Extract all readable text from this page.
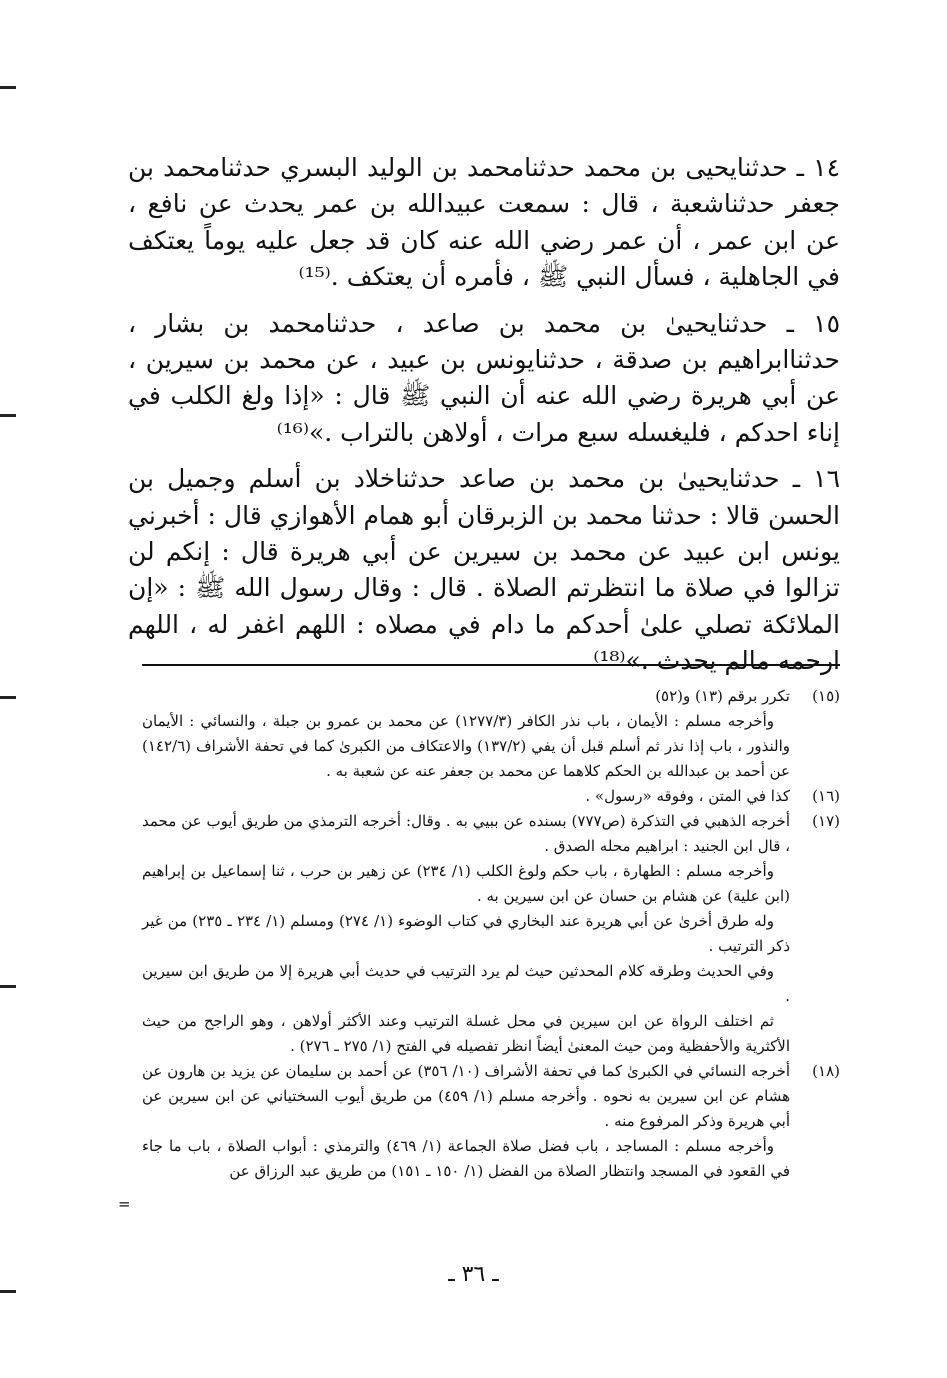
١٤ ـ حدثنايحيى بن محمد حدثنامحمد بن الوليد البسري حدثنامحمد بن جعفر حدثناشعبة ، قال : سمعت عبيدالله بن عمر يحدث عن نافع ، عن ابن عمر ، أن عمر رضي الله عنه كان قد جعل عليه يوماً يعتكف في الجاهلية ، فسأل النبي ﷺ ، فأمره أن يعتكف .⁽¹⁵⁾

١٥ ـ حدثنايحيىٰ بن محمد بن صاعد ، حدثنامحمد بن بشار ، حدثناابراهيم بن صدقة ، حدثنايونس بن عبيد ، عن محمد بن سيرين ، عن أبي هريرة رضي الله عنه أن النبي ﷺ قال : «إذا ولغ الكلب في إناء احدكم ، فليغسله سبع مرات ، أولاهن بالتراب .»⁽¹⁶⁾

١٦ ـ حدثنايحيىٰ بن محمد بن صاعد حدثناخلاد بن أسلم وجميل بن الحسن قالا : حدثنا محمد بن الزبرقان أبو همام الأهوازي قال : أخبرني يونس ابن عبيد عن محمد بن سيرين عن أبي هريرة قال : إنكم لن تزالوا في صلاة ما انتظرتم الصلاة . قال : وقال رسول الله ﷺ : «إن الملائكة تصلي علىٰ أحدكم ما دام في مصلاه : اللهم اغفر له ، اللهم ارحمه مالم يحدث .»⁽¹⁸⁾

(١٥)

تكرر برقم (١٣) و(٥٢)

وأخرجه مسلم : الأيمان ، باب نذر الكافر (١٢٧٧/٣) عن محمد بن عمرو بن جبلة ، والنسائي : الأيمان والنذور ، باب إذا نذر ثم أسلم قبل أن يفي (١٣٧/٢) والاعتكاف من الكبرىٰ كما في تحفة الأشراف (١٤٢/٦) عن أحمد بن عبدالله بن الحكم كلاهما عن محمد بن جعفر عنه عن شعبة به .

(١٦)

كذا في المتن ، وفوقه «رسول» .

(١٧)

أخرجه الذهبي في التذكرة (ص٧٧٧) بسنده عن ببيي به . وقال: أخرجه الترمذي من طريق أيوب عن محمد ، قال ابن الجنيد : ابراهيم محله الصدق .

وأخرجه مسلم : الطهارة ، باب حكم ولوغ الكلب (١/ ٢٣٤) عن زهير بن حرب ، ثنا إسماعيل بن إبراهيم (ابن علية) عن هشام بن حسان عن ابن سيرين به .

وله طرق أخرىٰ عن أبي هريرة عند البخاري في كتاب الوضوء (١/ ٢٧٤) ومسلم (١/ ٢٣٤ ـ ٢٣٥) من غير ذكر الترتيب .

وفي الحديث وطرقه كلام المحدثين حيث لم يرد الترتيب في حديث أبي هريرة إلا من طريق ابن سيرين .

ثم اختلف الرواة عن ابن سيرين في محل غسلة الترتيب وعند الأكثر أولاهن ، وهو الراجح من حيث الأكثرية والأحفظية ومن حيث المعنىٰ أيضاً انظر تفصيله في الفتح (١/ ٢٧٥ ـ ٢٧٦) .

(١٨)

أخرجه النسائي في الكبرىٰ كما في تحفة الأشراف (١٠/ ٣٥٦) عن أحمد بن سليمان عن يزيد بن هارون عن هشام عن ابن سيرين به نحوه . وأخرجه مسلم (١/ ٤٥٩) من طريق أيوب السختياني عن ابن سيرين عن أبي هريرة وذكر المرفوع منه .

وأخرجه مسلم : المساجد ، باب فضل صلاة الجماعة (١/ ٤٦٩) والترمذي : أبواب الصلاة ، باب ما جاء في القعود في المسجد وانتظار الصلاة من الفضل (١/ ١٥٠ ـ ١٥١) من طريق عبد الرزاق عن

=
ـ ٣٦ ـ
